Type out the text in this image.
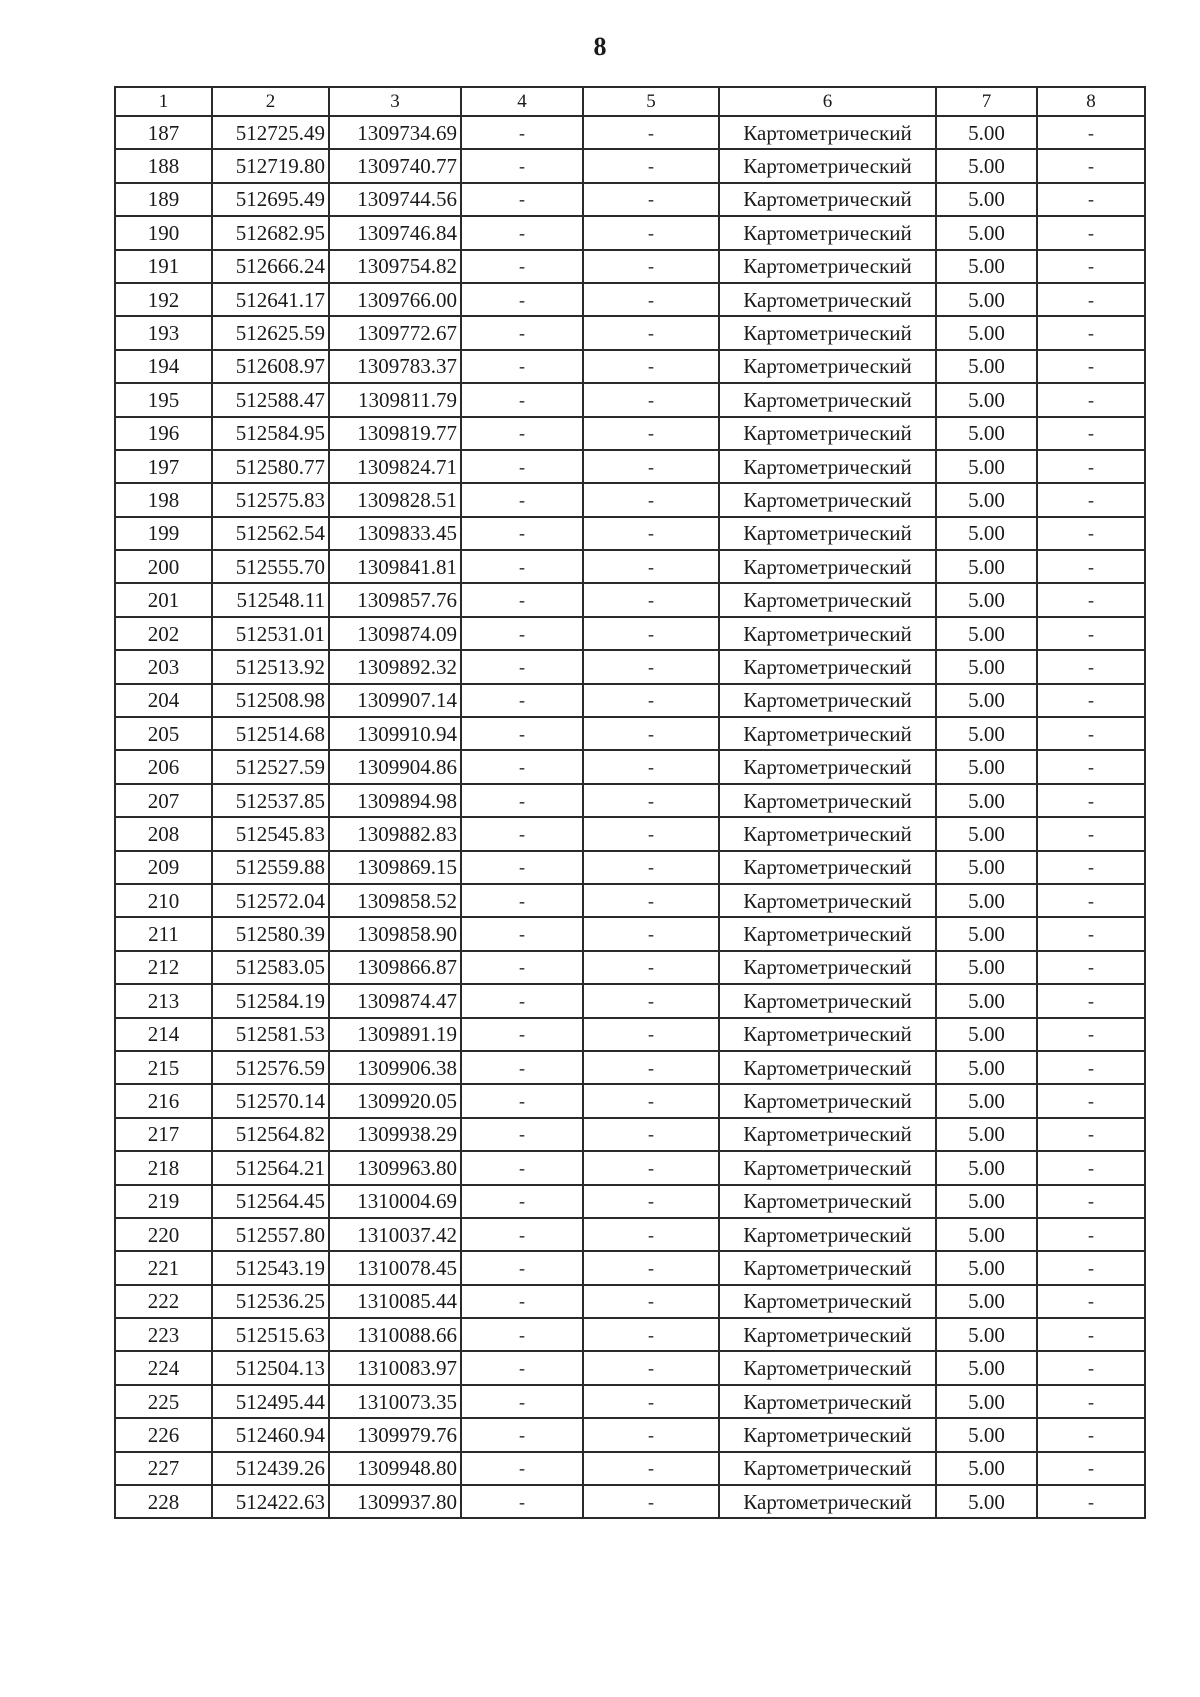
8
1	2	3	4	5	6	7	8
187	512725.49	1309734.69	-	-	Картометрический	5.00	-
188	512719.80	1309740.77	-	-	Картометрический	5.00	-
189	512695.49	1309744.56	-	-	Картометрический	5.00	-
190	512682.95	1309746.84	-	-	Картометрический	5.00	-
191	512666.24	1309754.82	-	-	Картометрический	5.00	-
192	512641.17	1309766.00	-	-	Картометрический	5.00	-
193	512625.59	1309772.67	-	-	Картометрический	5.00	-
194	512608.97	1309783.37	-	-	Картометрический	5.00	-
195	512588.47	1309811.79	-	-	Картометрический	5.00	-
196	512584.95	1309819.77	-	-	Картометрический	5.00	-
197	512580.77	1309824.71	-	-	Картометрический	5.00	-
198	512575.83	1309828.51	-	-	Картометрический	5.00	-
199	512562.54	1309833.45	-	-	Картометрический	5.00	-
200	512555.70	1309841.81	-	-	Картометрический	5.00	-
201	512548.11	1309857.76	-	-	Картометрический	5.00	-
202	512531.01	1309874.09	-	-	Картометрический	5.00	-
203	512513.92	1309892.32	-	-	Картометрический	5.00	-
204	512508.98	1309907.14	-	-	Картометрический	5.00	-
205	512514.68	1309910.94	-	-	Картометрический	5.00	-
206	512527.59	1309904.86	-	-	Картометрический	5.00	-
207	512537.85	1309894.98	-	-	Картометрический	5.00	-
208	512545.83	1309882.83	-	-	Картометрический	5.00	-
209	512559.88	1309869.15	-	-	Картометрический	5.00	-
210	512572.04	1309858.52	-	-	Картометрический	5.00	-
211	512580.39	1309858.90	-	-	Картометрический	5.00	-
212	512583.05	1309866.87	-	-	Картометрический	5.00	-
213	512584.19	1309874.47	-	-	Картометрический	5.00	-
214	512581.53	1309891.19	-	-	Картометрический	5.00	-
215	512576.59	1309906.38	-	-	Картометрический	5.00	-
216	512570.14	1309920.05	-	-	Картометрический	5.00	-
217	512564.82	1309938.29	-	-	Картометрический	5.00	-
218	512564.21	1309963.80	-	-	Картометрический	5.00	-
219	512564.45	1310004.69	-	-	Картометрический	5.00	-
220	512557.80	1310037.42	-	-	Картометрический	5.00	-
221	512543.19	1310078.45	-	-	Картометрический	5.00	-
222	512536.25	1310085.44	-	-	Картометрический	5.00	-
223	512515.63	1310088.66	-	-	Картометрический	5.00	-
224	512504.13	1310083.97	-	-	Картометрический	5.00	-
225	512495.44	1310073.35	-	-	Картометрический	5.00	-
226	512460.94	1309979.76	-	-	Картометрический	5.00	-
227	512439.26	1309948.80	-	-	Картометрический	5.00	-
228	512422.63	1309937.80	-	-	Картометрический	5.00	-
